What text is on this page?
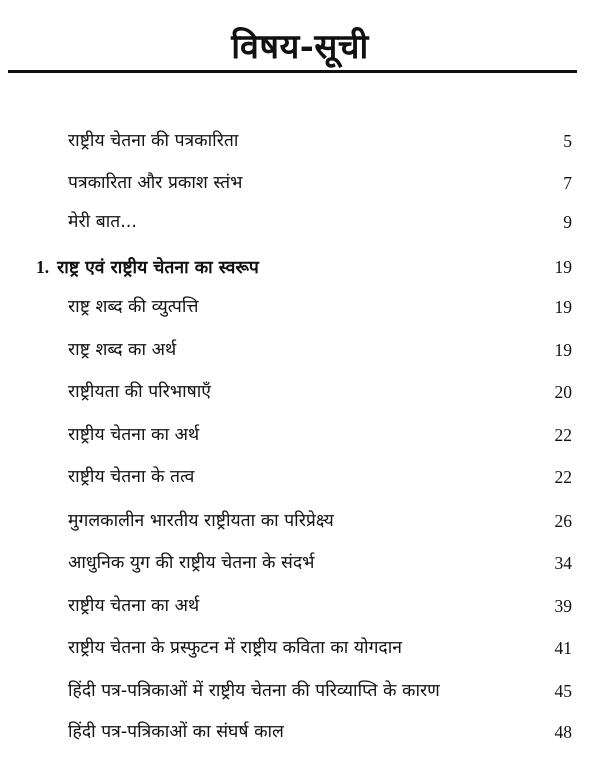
विषय-सूची
राष्ट्रीय चेतना की पत्रकारिता	5
पत्रकारिता और प्रकाश स्तंभ	7
मेरी बात...	9
1. राष्ट्र एवं राष्ट्रीय चेतना का स्वरूप	19
राष्ट्र शब्द की व्युत्पत्ति	19
राष्ट्र शब्द का अर्थ	19
राष्ट्रीयता की परिभाषाएँ	20
राष्ट्रीय चेतना का अर्थ	22
राष्ट्रीय चेतना के तत्व	22
मुगलकालीन भारतीय राष्ट्रीयता का परिप्रेक्ष्य	26
आधुनिक युग की राष्ट्रीय चेतना के संदर्भ	34
राष्ट्रीय चेतना का अर्थ	39
राष्ट्रीय चेतना के प्रस्फुटन में राष्ट्रीय कविता का योगदान	41
हिंदी पत्र-पत्रिकाओं में राष्ट्रीय चेतना की परिव्याप्ति के कारण	45
हिंदी पत्र-पत्रिकाओं का संघर्ष काल	48
